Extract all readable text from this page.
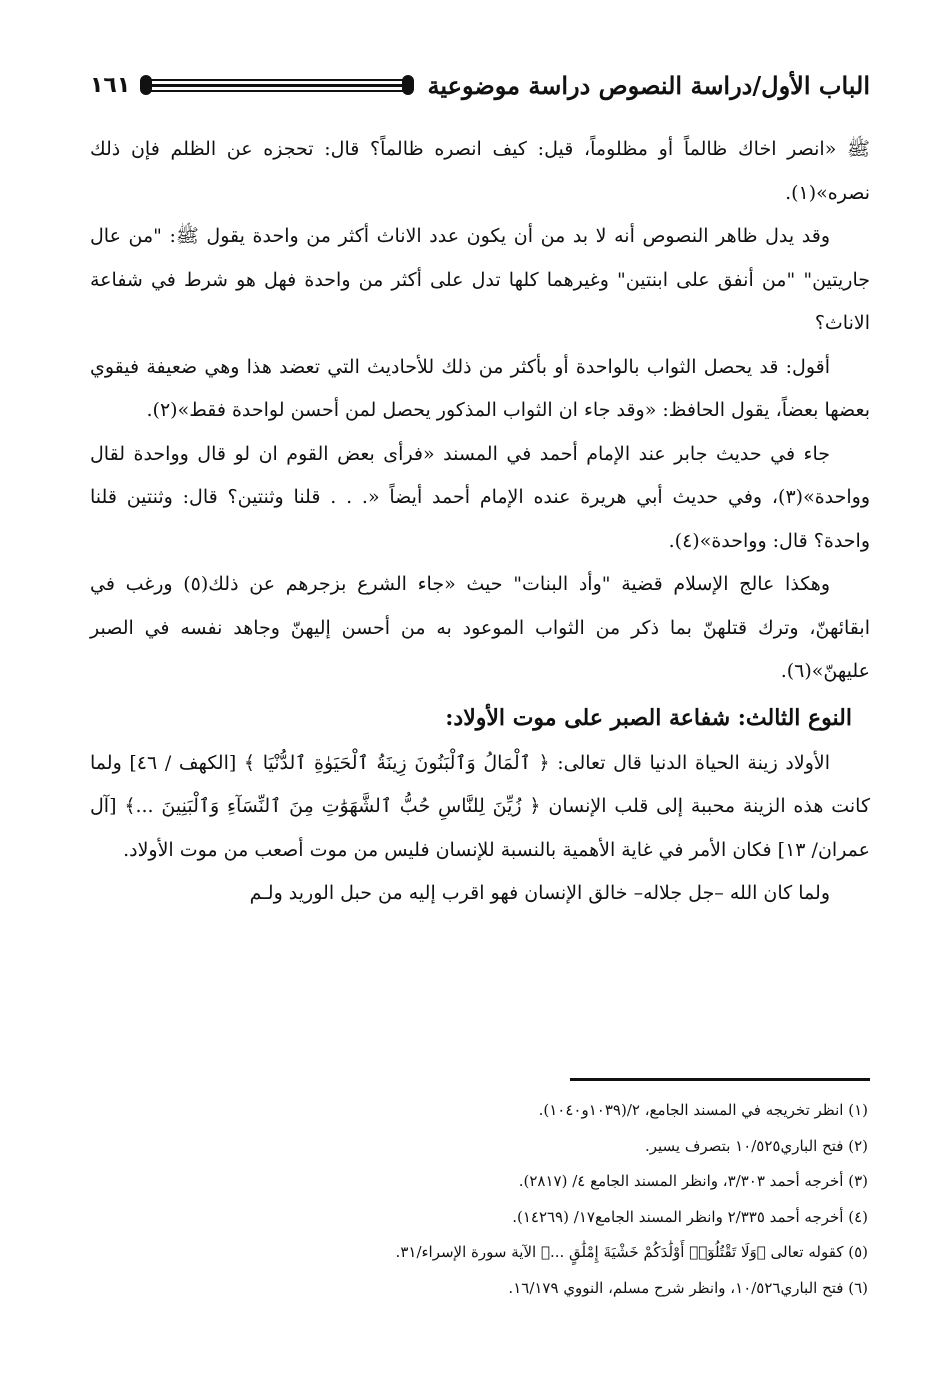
الباب الأول/دراسة النصوص دراسة موضوعية
١٦١

ﷺ «انصر اخاك ظالماً أو مظلوماً، قيل: كيف انصره ظالماً؟ قال: تحجزه عن الظلم فإن ذلك نصره»(١).

وقد يدل ظاهر النصوص أنه لا بد من أن يكون عدد الاناث أكثر من واحدة يقول ﷺ: "من عال جاريتين" "من أنفق على ابنتين" وغيرهما كلها تدل على أكثر من واحدة فهل هو شرط في شفاعة الاناث؟

أقول: قد يحصل الثواب بالواحدة أو بأكثر من ذلك للأحاديث التي تعضد هذا وهي ضعيفة فيقوي بعضها بعضاً، يقول الحافظ: «وقد جاء ان الثواب المذكور يحصل لمن أحسن لواحدة فقط»(٢).

جاء في حديث جابر عند الإمام أحمد في المسند «فرأى بعض القوم ان لو قال وواحدة لقال وواحدة»(٣)، وفي حديث أبي هريرة عنده الإمام أحمد أيضاً «. . . قلنا وثنتين؟ قال: وثنتين قلنا واحدة؟ قال: وواحدة»(٤).

وهكذا عالج الإسلام قضية "وأد البنات" حيث «جاء الشرع بزجرهم عن ذلك(٥) ورغب في ابقائهنّ، وترك قتلهنّ بما ذكر من الثواب الموعود به من أحسن إليهنّ وجاهد نفسه في الصبر عليهنّ»(٦).

النوع الثالث: شفاعة الصبر على موت الأولاد:

الأولاد زينة الحياة الدنيا قال تعالى: ﴿ ٱلْمَالُ وَٱلْبَنُونَ زِينَةُ ٱلْحَيَوٰةِ ٱلدُّنْيَا ﴾ [الكهف / ٤٦] ولما كانت هذه الزينة محببة إلى قلب الإنسان ﴿ زُيِّنَ لِلنَّاسِ حُبُّ ٱلشَّهَوَٰتِ مِنَ ٱلنِّسَآءِ وَٱلْبَنِينَ ...﴾ [آل عمران/ ١٣] فكان الأمر في غاية الأهمية بالنسبة للإنسان فليس من موت أصعب من موت الأولاد.

ولما كان الله –جل جلاله– خالق الإنسان فهو اقرب إليه من حبل الوريد ولـم

(١) انظر تخريجه في المسند الجامع، ٢/(١٠٣٩و١٠٤٠).

(٢) فتح الباري١٠/٥٢٥ بتصرف يسير.

(٣) أخرجه أحمد ٣/٣٠٣، وانظر المسند الجامع ٤/ (٢٨١٧).

(٤) أخرجه أحمد ٢/٣٣٥ وانظر المسند الجامع١٧/ (١٤٢٦٩).

(٥) كقوله تعالى ﴿وَلَا تَقْتُلُوٓا۟ أَوْلَٰدَكُمْ خَشْيَةَ إِمْلَٰقٍ ...﴾ الآية سورة الإسراء/٣١.

(٦) فتح الباري١٠/٥٢٦، وانظر شرح مسلم، النووي ١٦/١٧٩.
